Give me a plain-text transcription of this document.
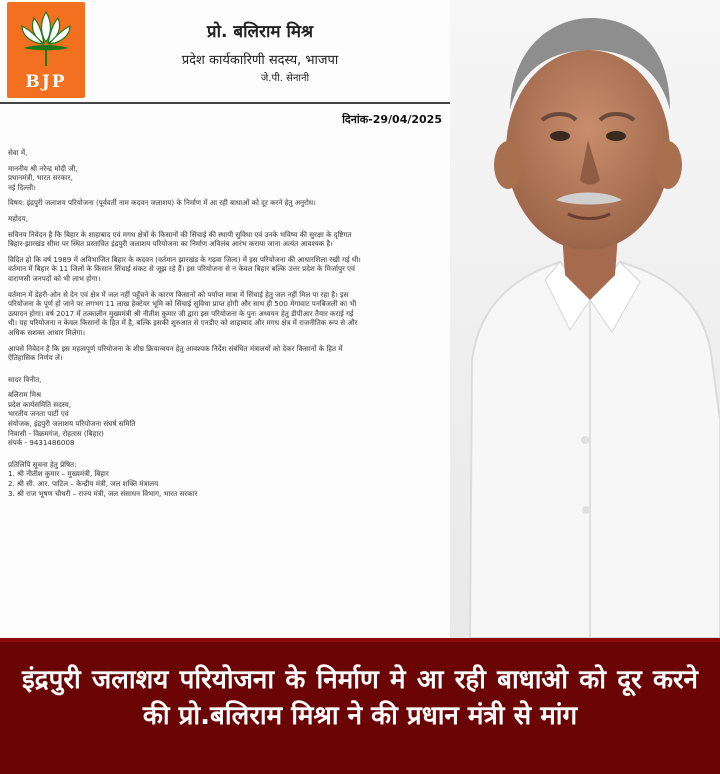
BJP
प्रो. बलिराम मिश्र
प्रदेश कार्यकारिणी सदस्य, भाजपा
जे.पी. सेनानी
दिनांक-29/04/2025

सेवा में,

माननीय श्री नरेन्द्र मोदी जी,

प्रधानमंत्री, भारत सरकार,

नई दिल्ली।

विषय: इंद्रपुरी जलाशय परियोजना (पूर्ववर्ती नाम कदवन जलाशय) के निर्माण में आ रही बाधाओं को दूर करने हेतु अनुरोध।

महोदय,

सविनय निवेदन है कि बिहार के शाहाबाद एवं मगध क्षेत्रों के किसानों की सिंचाई की स्थायी सुविधा एवं उनके भविष्य की सुरक्षा के दृष्टिगत

बिहार-झारखंड सीमा पर स्थित प्रस्तावित इंद्रपुरी जलाशय परियोजना का निर्माण अविलंब आरंभ कराया जाना अत्यंत आवश्यक है।

विदित हो कि वर्ष 1989 में अविभाजित बिहार के कदवन (वर्तमान झारखंड के गढ़वा जिला) में इस परियोजना की आधारशिला रखी गई थी।

वर्तमान में बिहार के 11 जिलों के किसान सिंचाई संकट से जूझ रहे हैं। इस परियोजना से न केवल बिहार बल्कि उत्तर प्रदेश के मिर्जापुर एवं

वाराणसी जनपदों को भी लाभ होगा।

वर्तमान में डेहरी-ओन से देन एवं क्षेत्र में जल नहीं पहुँचने के कारण किसानों को पर्याप्त मात्रा में सिंचाई हेतु जल नहीं मिल पा रहा है। इस

परियोजना के पूर्ण हो जाने पर लगभग 11 लाख हेक्टेयर भूमि को सिंचाई सुविधा प्राप्त होगी और साथ ही 500 मेगावाट पनबिजली का भी

उत्पादन होगा। वर्ष 2017 में तत्कालीन मुख्यमंत्री श्री नीतीश कुमार जी द्वारा इस परियोजना के पुनः अध्ययन हेतु डीपीआर तैयार कराई गई

थी। यह परियोजना न केवल किसानों के हित में है, बल्कि इसकी शुरुआत से एनडीए को शाहाबाद और मगध क्षेत्र में राजनीतिक रूप से और

अधिक सशक्त आधार मिलेगा।

आपसे निवेदन है कि इस महत्वपूर्ण परियोजना के शीघ्र क्रियान्वयन हेतु आवश्यक निर्देश संबंधित मंत्रालयों को देकर किसानों के हित में

ऐतिहासिक निर्णय लें।

सादर विनीत,

बलिराम मिश्र

प्रदेश कार्यसमिति सदस्य,

भारतीय जनता पार्टी एवं

संयोजक, इंद्रपुरी जलाशय परियोजना संघर्ष समिति

निवासी - विक्रमगंज, रोहतास (बिहार)

संपर्क - 9431486008

प्रतिलिपि सूचना हेतु प्रेषित:

1. श्री नीतीश कुमार – मुख्यमंत्री, बिहार

2. श्री सी. आर. पाटिल – केन्द्रीय मंत्री, जल शक्ति मंत्रालय

3. श्री राज भूषण चौधरी – राज्य मंत्री, जल संसाधन विभाग, भारत सरकार

इंद्रपुरी जलाशय परियोजना के निर्माण मे आ रही बाधाओ को दूर करने की प्रो.बलिराम मिश्रा ने की प्रधान मंत्री से मांग
